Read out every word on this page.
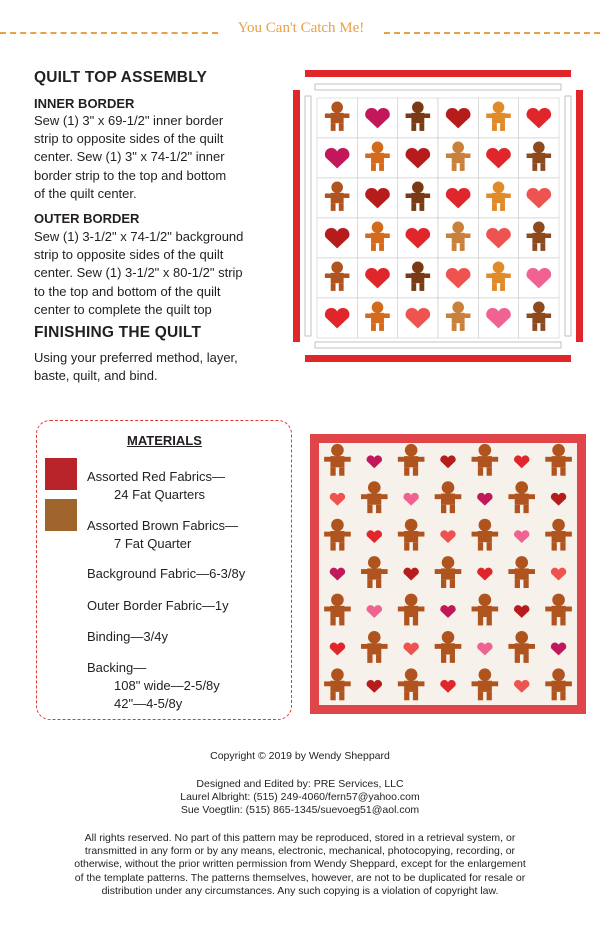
You Can't Catch Me!
QUILT TOP ASSEMBLY
INNER BORDER
Sew (1) 3" x 69-1/2" inner border
strip to opposite sides of the quilt
center. Sew (1) 3" x 74-1/2" inner
border strip to the top and bottom
of the quilt center.
OUTER BORDER
Sew (1) 3-1/2" x 74-1/2" background
strip to opposite sides of the quilt
center. Sew (1) 3-1/2" x 80-1/2" strip
to the top and bottom of the quilt
center to complete the quilt top
FINISHING THE QUILT
Using your preferred method, layer,
baste, quilt, and bind.
MATERIALS
Assorted Red Fabrics—
24 Fat Quarters
Assorted Brown Fabrics—
7 Fat Quarter
Background Fabric—6-3/8y
Outer Border Fabric—1y
Binding—3/4y
Backing—
108" wide—2-5/8y
42"—4-5/8y
Copyright © 2019 by Wendy Sheppard
Designed and Edited by: PRE Services, LLC
Laurel Albright: (515) 249-4060/fern57@yahoo.com
Sue Voegtlin: (515) 865-1345/suevoeg51@aol.com
All rights reserved. No part of this pattern may be reproduced, stored in a retrieval system, or
transmitted in any form or by any means, electronic, mechanical, photocopying, recording, or
otherwise, without the prior written permission from Wendy Sheppard, except for the enlargement
of the template patterns. The patterns themselves, however, are not to be duplicated for resale or
distribution under any circumstances. Any such copying is a violation of copyright law.
